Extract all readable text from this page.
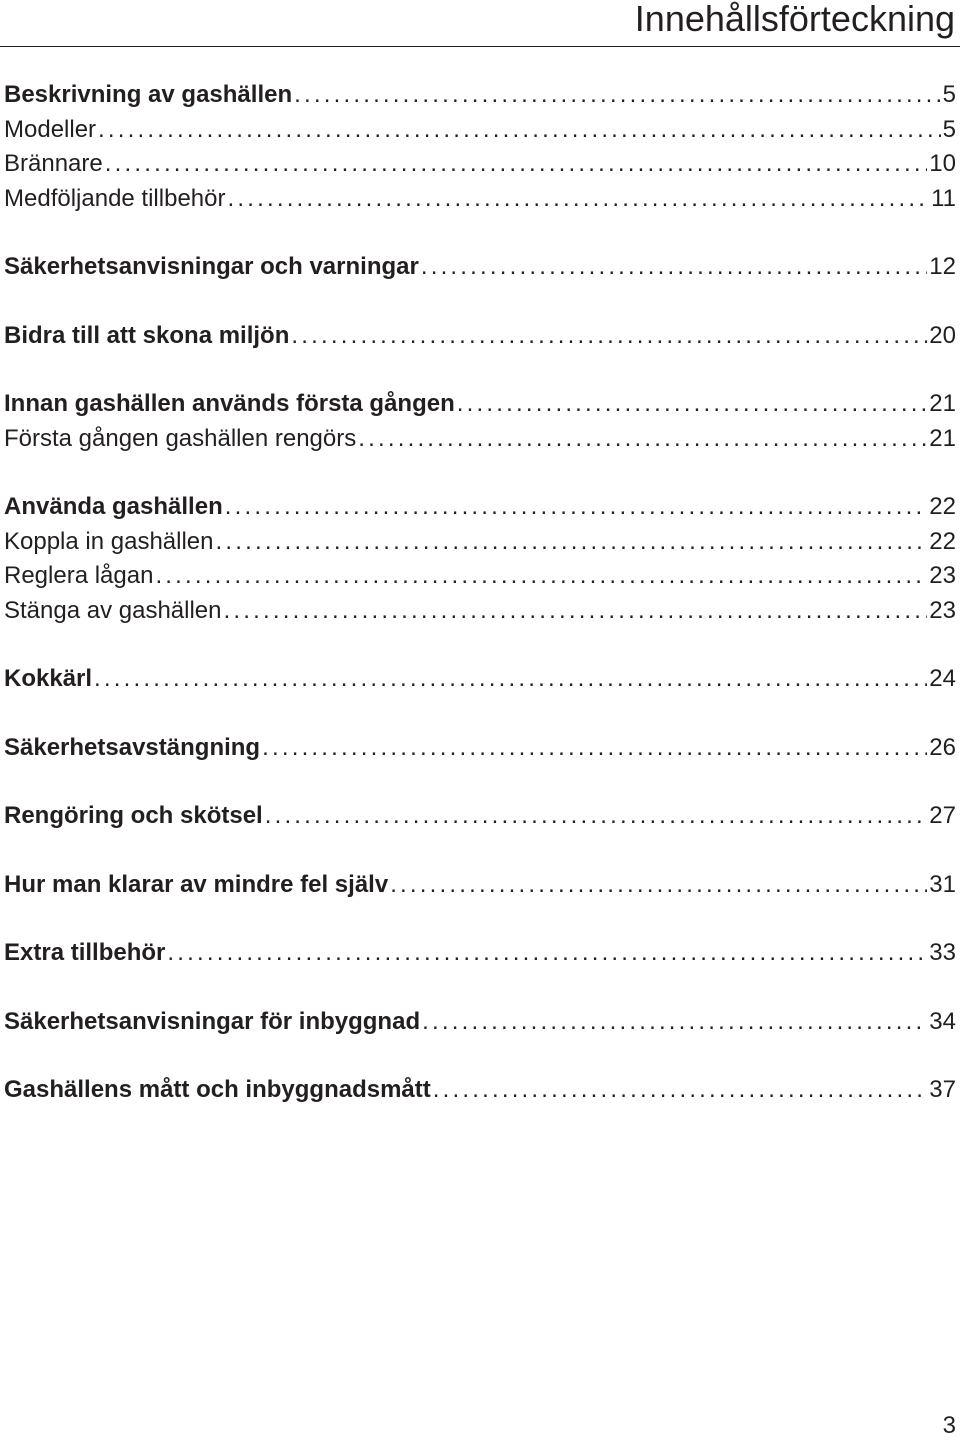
Innehållsförteckning
Beskrivning av gashällen .....	5
Modeller .....	5
Brännare .....	10
Medföljande tillbehör .....	11
Säkerhetsanvisningar och varningar .....	12
Bidra till att skona miljön .....	20
Innan gashällen används första gången .....	21
Första gången gashällen rengörs .....	21
Använda gashällen .....	22
Koppla in gashällen .....	22
Reglera lågan .....	23
Stänga av gashällen .....	23
Kokkärl .....	24
Säkerhetsavstängning .....	26
Rengöring och skötsel .....	27
Hur man klarar av mindre fel själv .....	31
Extra tillbehör .....	33
Säkerhetsanvisningar för inbyggnad .....	34
Gashällens mått och inbyggnadsmått .....	37
3
